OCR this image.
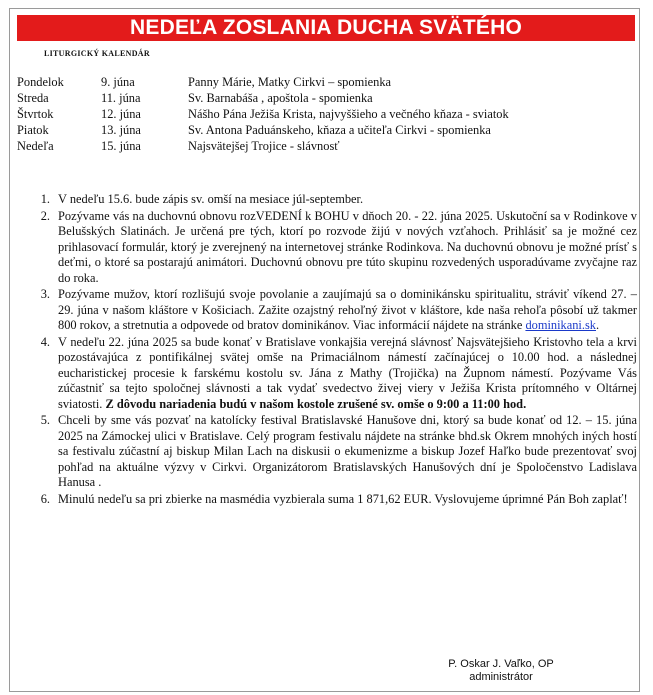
NEDEĽA ZOSLANIA DUCHA SVÄTÉHO
LITURGICKÝ KALENDÁR
Pondelok	9. júna	Panny Márie, Matky Cirkvi – spomienka
Streda	11. júna	Sv. Barnabáša , apoštola - spomienka
Štvrtok	12. júna	Nášho Pána Ježiša Krista, najvyššieho a večného kňaza - sviatok
Piatok	13. júna	Sv. Antona Paduánskeho, kňaza a učiteľa Cirkvi - spomienka
Nedeľa	15. júna	Najsvätejšej Trojice - slávnosť
1. V nedeľu 15.6. bude zápis sv. omší na mesiace júl-september.
2. Pozývame vás na duchovnú obnovu rozVEDENÍ k BOHU v dňoch 20. - 22. júna 2025. Uskutoční sa v Rodinkove v Belušských Slatinách. Je určená pre tých, ktorí po rozvode žijú v nových vzťahoch. Prihlásiť sa je možné cez prihlasovací formulár, ktorý je zverejnený na internetovej stránke Rodinkova. Na duchovnú obnovu je možné prísť s deťmi, o ktoré sa postarajú animátori. Duchovnú obnovu pre túto skupinu rozvedených usporadúvame zvyčajne raz do roka.
3. Pozývame mužov, ktorí rozlišujú svoje povolanie a zaujímajú sa o dominikánsku spiritualitu, stráviť víkend 27. – 29. júna v našom kláštore v Košiciach. Zažite ozajstný rehoľný život v kláštore, kde naša rehoľa pôsobí už takmer 800 rokov, a stretnutia a odpovede od bratov dominikánov. Viac informácií nájdete na stránke dominikani.sk.
4. V nedeľu 22. júna 2025 sa bude konať v Bratislave vonkajšia verejná slávnosť Najsvätejšieho Kristovho tela a krvi pozostávajúca z pontifikálnej svätej omše na Primaciálnom námestí začínajúcej o 10.00 hod. a následnej eucharistickej procesie k farskému kostolu sv. Jána z Mathy (Trojička) na Župnom námestí. Pozývame Vás zúčastniť sa tejto spoločnej slávnosti a tak vydať svedectvo živej viery v Ježiša Krista prítomného v Oltárnej sviatosti. Z dôvodu nariadenia budú v našom kostole zrušené sv. omše o 9:00 a 11:00 hod.
5. Chceli by sme vás pozvať na katolícky festival Bratislavské Hanušove dni, ktorý sa bude konať od 12. – 15. júna 2025 na Zámockej ulici v Bratislave. Celý program festivalu nájdete na stránke bhd.sk Okrem mnohých iných hostí sa festivalu zúčastní aj biskup Milan Lach na diskusii o ekumenizme a biskup Jozef Haľko bude prezentovať svoj pohľad na aktuálne výzvy v Cirkvi. Organizátorom Bratislavských Hanušových dní je Spoločenstvo Ladislava Hanusa .
6. Minulú nedeľu sa pri zbierke na masmédia vyzbierala suma 1 871,62 EUR. Vyslovujeme úprimné Pán Boh zaplať!
P. Oskar J. Vaľko, OP
administrátor
